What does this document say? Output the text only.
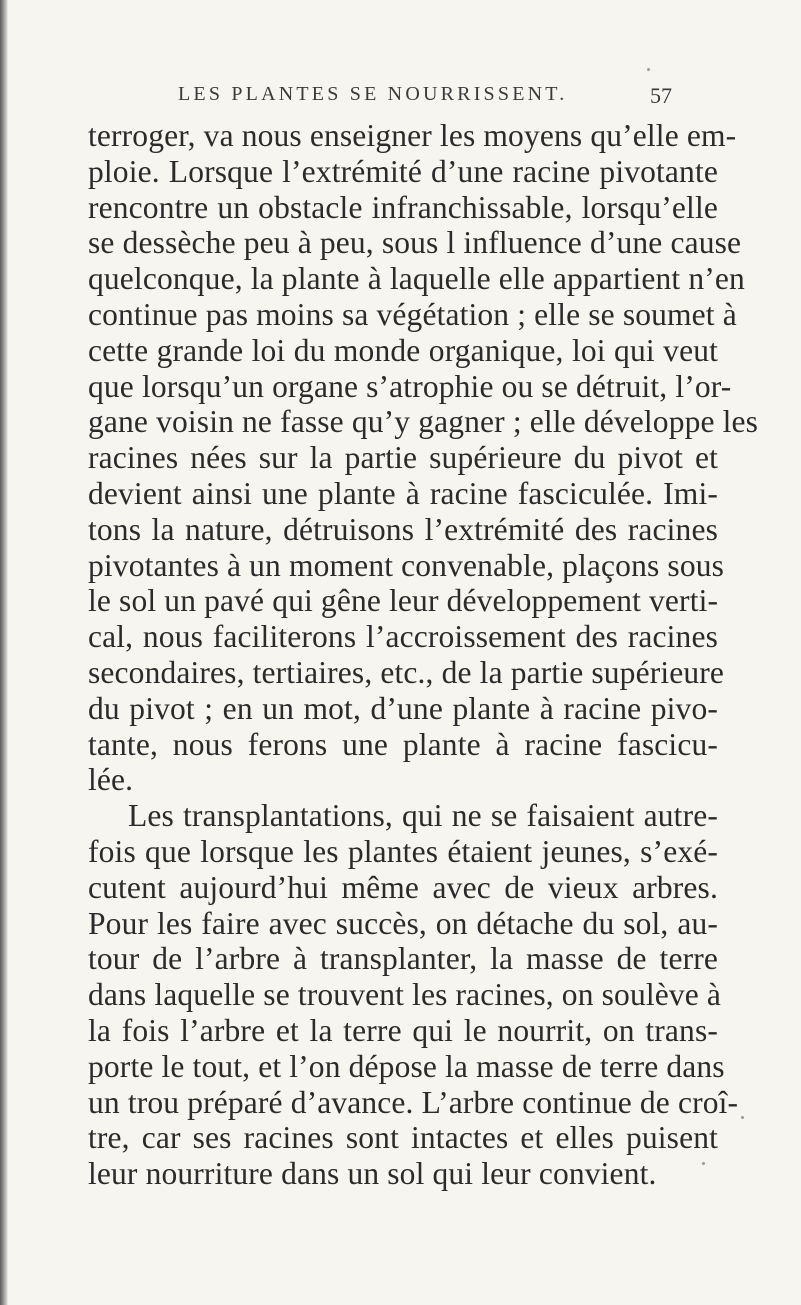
LES PLANTES SE NOURRISSENT.	57

terroger, va nous enseigner les moyens qu’elle em-
ploie. Lorsque l’extrémité d’une racine pivotante
rencontre un obstacle infranchissable, lorsqu’elle
se dessèche peu à peu, sous l influence d’une cause
quelconque, la plante à laquelle elle appartient n’en
continue pas moins sa végétation ; elle se soumet à
cette grande loi du monde organique, loi qui veut
que lorsqu’un organe s’atrophie ou se détruit, l’or-
gane voisin ne fasse qu’y gagner ; elle développe les
racines nées sur la partie supérieure du pivot et
devient ainsi une plante à racine fasciculée. Imi-
tons la nature, détruisons l’extrémité des racines
pivotantes à un moment convenable, plaçons sous
le sol un pavé qui gêne leur développement verti-
cal, nous faciliterons l’accroissement des racines
secondaires, tertiaires, etc., de la partie supérieure
du pivot ; en un mot, d’une plante à racine pivo-
tante, nous ferons une plante à racine fascicu-
lée.

Les transplantations, qui ne se faisaient autre-
fois que lorsque les plantes étaient jeunes, s’exé-
cutent aujourd’hui même avec de vieux arbres.
Pour les faire avec succès, on détache du sol, au-
tour de l’arbre à transplanter, la masse de terre
dans laquelle se trouvent les racines, on soulève à
la fois l’arbre et la terre qui le nourrit, on trans-
porte le tout, et l’on dépose la masse de terre dans
un trou préparé d’avance. L’arbre continue de croî-
tre, car ses racines sont intactes et elles puisent
leur nourriture dans un sol qui leur convient.
